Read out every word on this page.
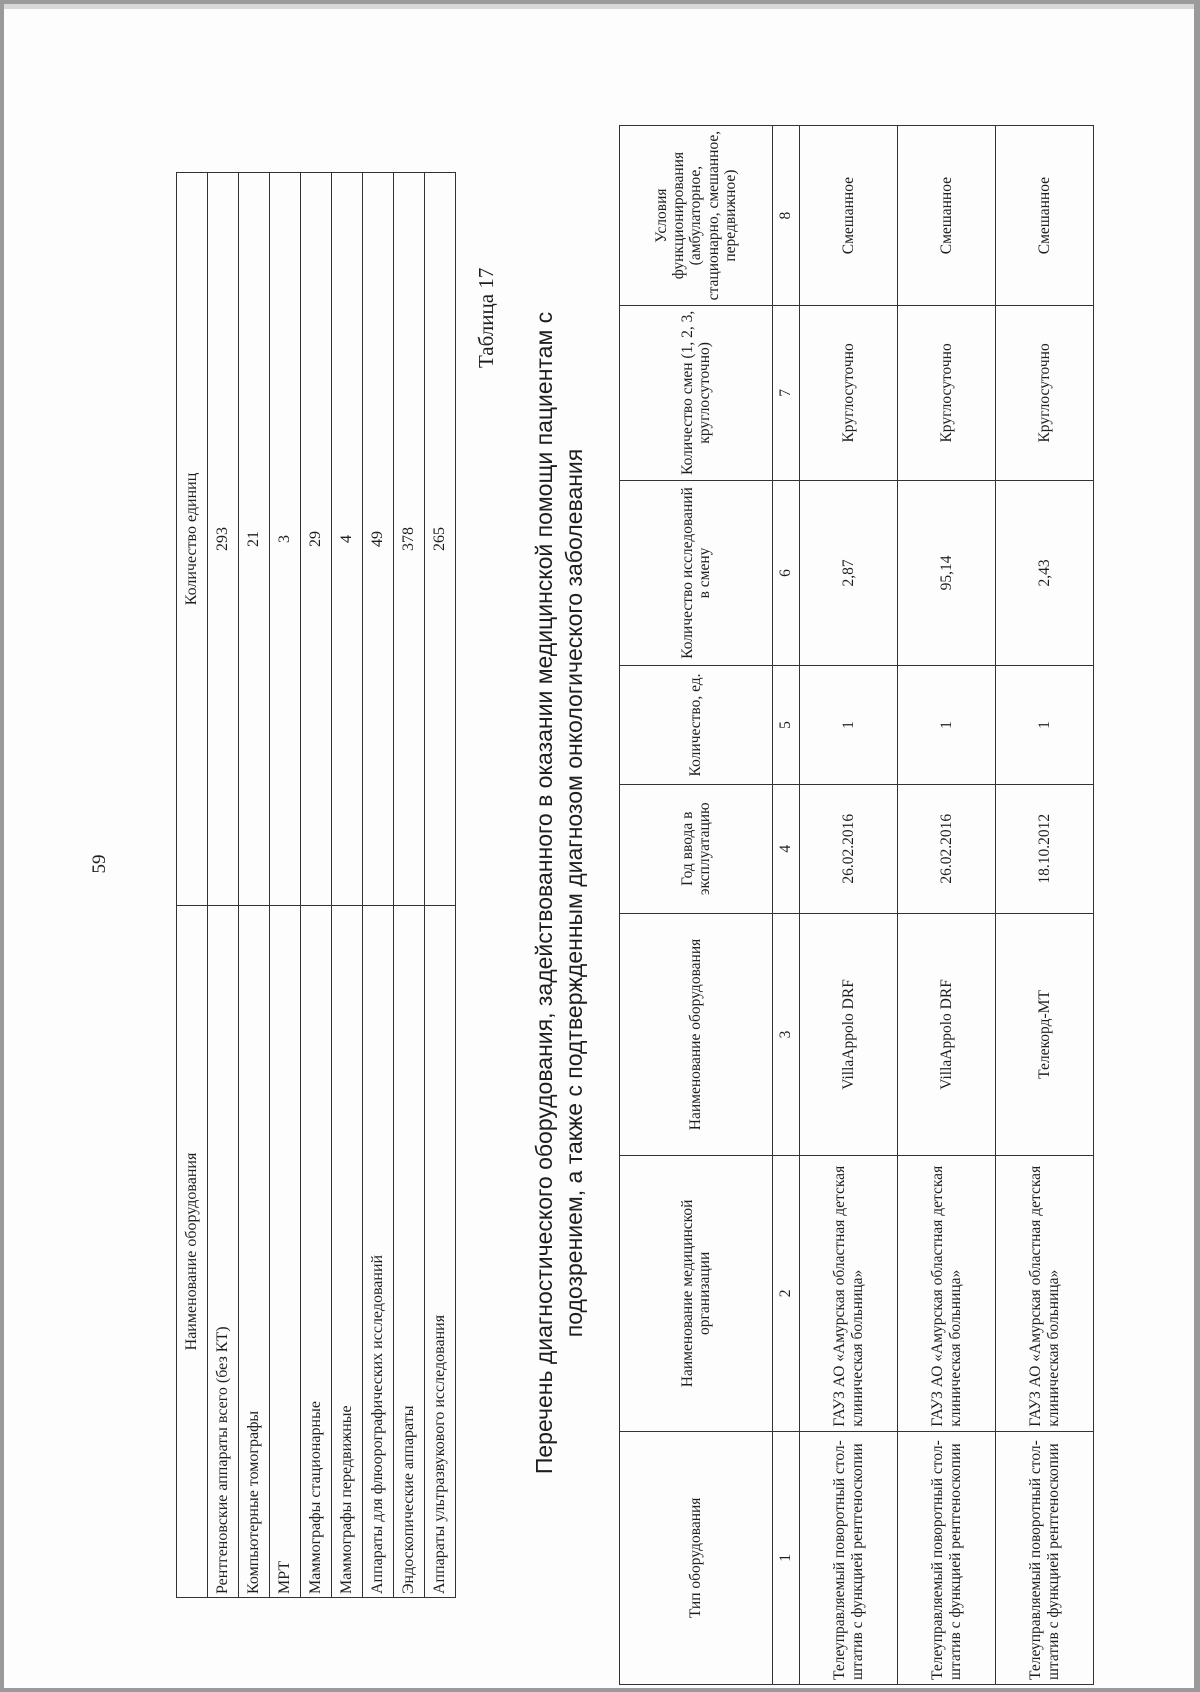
59
Наименование оборудования	Количество единиц
Рентгеновские аппараты всего (без КТ)	293
Компьютерные томографы	21
МРТ	3
Маммографы стационарные	29
Маммографы передвижные	4
Аппараты для флюорографических исследований	49
Эндоскопические аппараты	378
Аппараты ультразвукового исследования	265
Таблица 17 Перечень диагностического оборудования, задействованного в оказании медицинской помощи пациентам с подозрением, а также с подтвержденным диагнозом онкологического заболевания
Тип оборудования	Наименование медицинской организации	Наименование оборудования	Год ввода в эксплуатацию	Количество, ед.	Количество исследований в смену	Количество смен (1, 2, 3, круглосуточно)	Условия функционирования (амбулаторное, стационарно, смешанное, передвижное)
1	2	3	4	5	6	7	8
Телеуправляемый поворотный стол-штатив с функцией рентгеноскопии	ГАУЗ АО «Амурская областная детская клиническая больница»	VillaAppolo DRF	26.02.2016	1	2,87	Круглосуточно	Смешанное
Телеуправляемый поворотный стол-штатив с функцией рентгеноскопии	ГАУЗ АО «Амурская областная детская клиническая больница»	VillaAppolo DRF	26.02.2016	1	95,14	Круглосуточно	Смешанное
Телеуправляемый поворотный стол-штатив с функцией рентгеноскопии	ГАУЗ АО «Амурская областная детская клиническая больница»	Телекорд-МТ	18.10.2012	1	2,43	Круглосуточно	Смешанное
